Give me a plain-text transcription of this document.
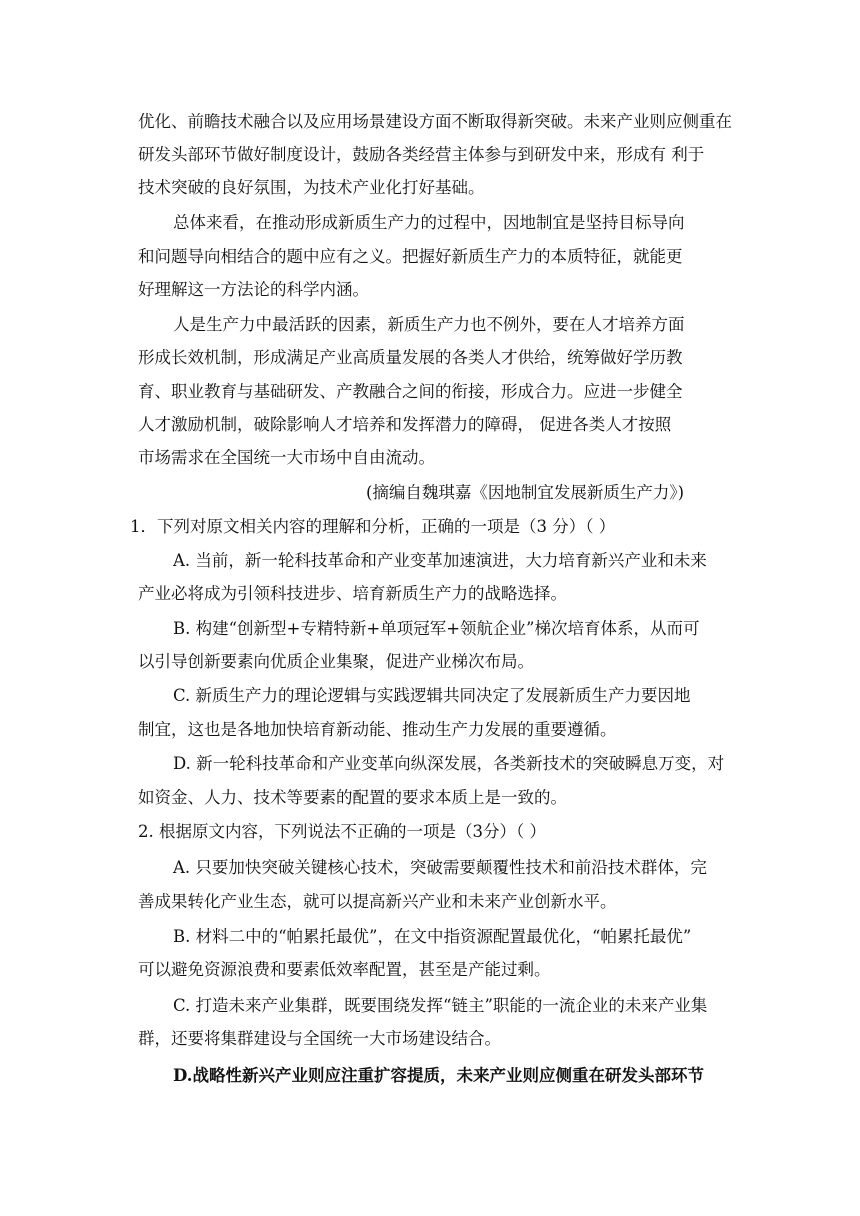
优化、前瞻技术融合以及应用场景建设方面不断取得新突破。未来产业则应侧重在
研发头部环节做好制度设计，鼓励各类经营主体参与到研发中来，形成有 利于
技术突破的良好氛围，为技术产业化打好基础。
总体来看，在推动形成新质生产力的过程中，因地制宜是坚持目标导向
和问题导向相结合的题中应有之义。把握好新质生产力的本质特征，就能更
好理解这一方法论的科学内涵。
人是生产力中最活跃的因素，新质生产力也不例外，要在人才培养方面
形成长效机制，形成满足产业高质量发展的各类人才供给，统筹做好学历教
育、职业教育与基础研发、产教融合之间的衔接，形成合力。应进一步健全
人才激励机制，破除影响人才培养和发挥潜力的障碍， 促进各类人才按照
市场需求在全国统一大市场中自由流动。
(摘编自魏琪嘉《因地制宜发展新质生产力》)
1．下列对原文相关内容的理解和分析，正确的一项是（3 分）（ ）
A. 当前，新一轮科技革命和产业变革加速演进，大力培育新兴产业和未来
产业必将成为引领科技进步、培育新质生产力的战略选择。
B. 构建“创新型+专精特新+单项冠军+领航企业”梯次培育体系，从而可
以引导创新要素向优质企业集聚，促进产业梯次布局。
C. 新质生产力的理论逻辑与实践逻辑共同决定了发展新质生产力要因地
制宜，这也是各地加快培育新动能、推动生产力发展的重要遵循。
D. 新一轮科技革命和产业变革向纵深发展，各类新技术的突破瞬息万变，对
如资金、人力、技术等要素的配置的要求本质上是一致的。
2. 根据原文内容，下列说法不正确的一项是（3分）（ ）
A. 只要加快突破关键核心技术，突破需要颠覆性技术和前沿技术群体，完
善成果转化产业生态，就可以提高新兴产业和未来产业创新水平。
B. 材料二中的“帕累托最优”，在文中指资源配置最优化，“帕累托最优”
可以避免资源浪费和要素低效率配置，甚至是产能过剩。
C. 打造未来产业集群，既要围绕发挥“链主”职能的一流企业的未来产业集
群，还要将集群建设与全国统一大市场建设结合。
D.战略性新兴产业则应注重扩容提质，未来产业则应侧重在研发头部环节
